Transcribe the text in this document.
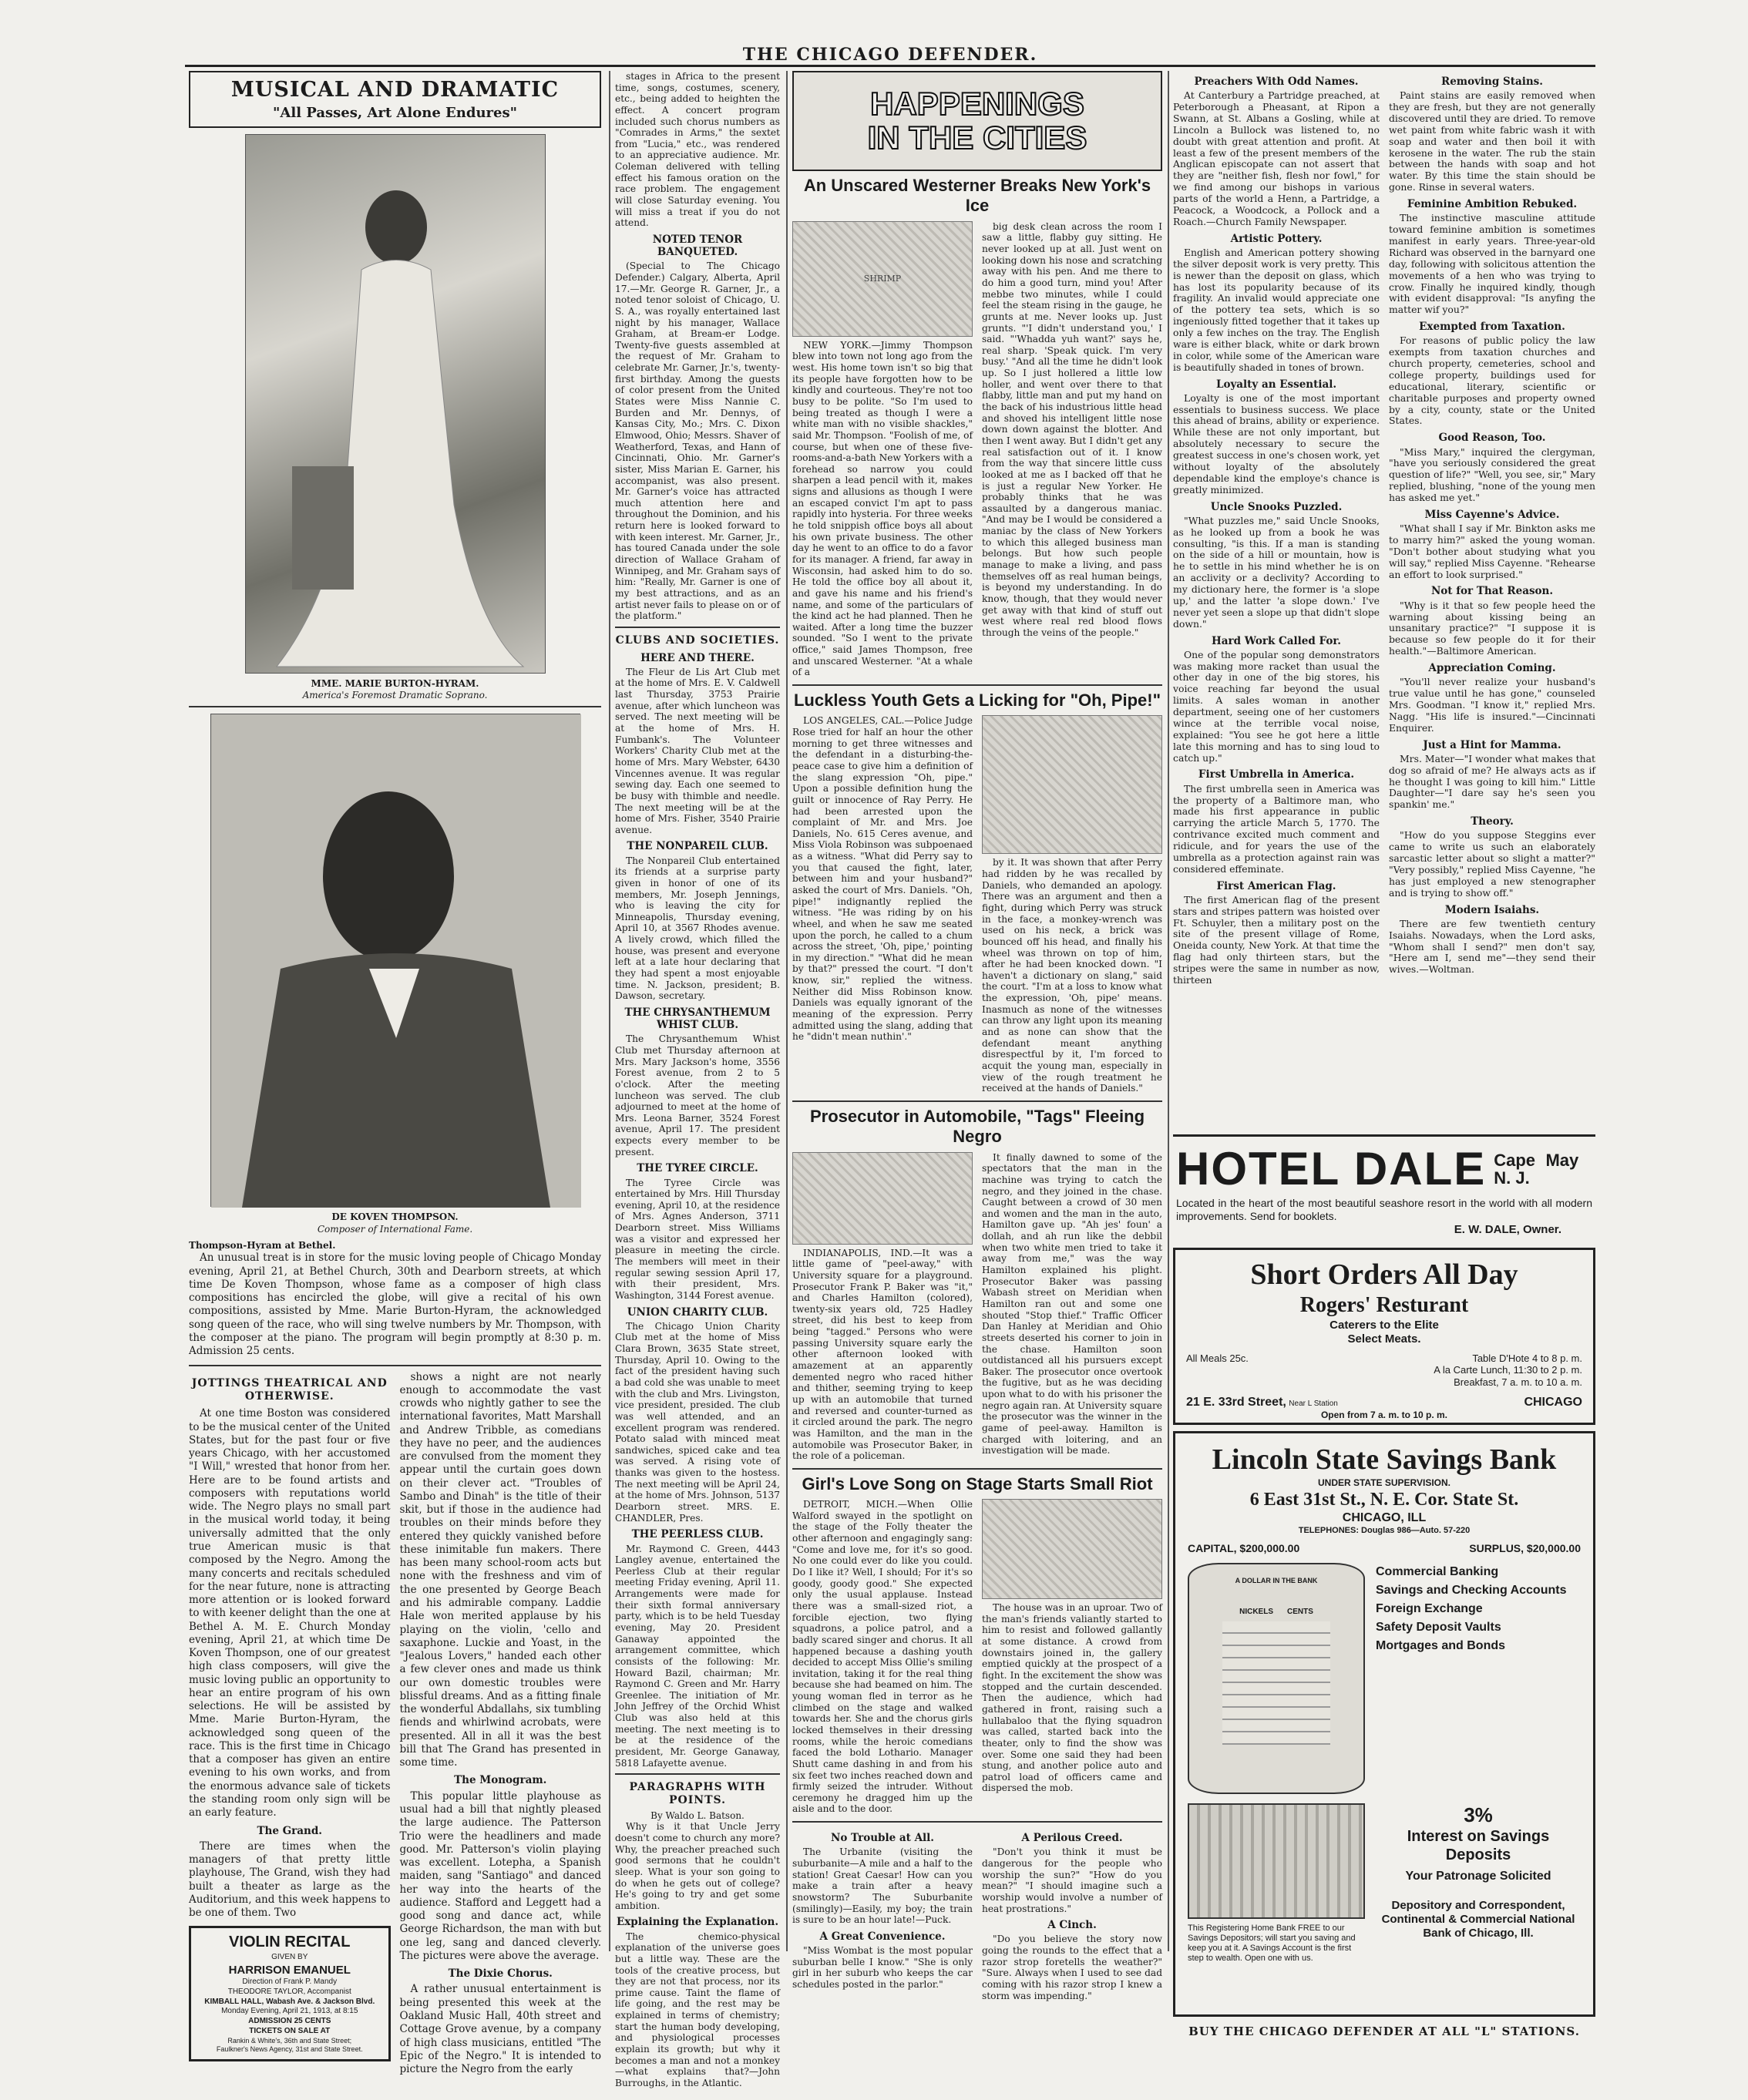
THE CHICAGO DEFENDER.
MUSICAL AND DRAMATIC
"All Passes, Art Alone Endures"
MME. MARIE BURTON-HYRAM.
America's Foremost Dramatic Soprano.
DE KOVEN THOMPSON.
Composer of International Fame.
Thompson-Hyram at Bethel.

An unusual treat is in store for the music loving people of Chicago Monday evening, April 21, at Bethel Church, 30th and Dearborn streets, at which time De Koven Thompson, whose fame as a composer of high class compositions has encircled the globe, will give a recital of his own compositions, assisted by Mme. Marie Burton-Hyram, the acknowledged song queen of the race, who will sing twelve numbers by Mr. Thompson, with the composer at the piano. The program will begin promptly at 8:30 p. m. Admission 25 cents.

JOTTINGS THEATRICAL AND OTHERWISE.

At one time Boston was considered to be the musical center of the United States, but for the past four or five years Chicago, with her accustomed "I Will," wrested that honor from her. Here are to be found artists and composers with reputations world wide. The Negro plays no small part in the musical world today, it being universally admitted that the only true American music is that composed by the Negro. Among the many concerts and recitals scheduled for the near future, none is attracting more attention or is looked forward to with keener delight than the one at Bethel A. M. E. Church Monday evening, April 21, at which time De Koven Thompson, one of our greatest high class composers, will give the music loving public an opportunity to hear an entire program of his own selections. He will be assisted by Mme. Marie Burton-Hyram, the acknowledged song queen of the race. This is the first time in Chicago that a composer has given an entire evening to his own works, and from the enormous advance sale of tickets the standing room only sign will be an early feature.

The Grand.

There are times when the managers of that pretty little playhouse, The Grand, wish they had built a theater as large as the Auditorium, and this week happens to be one of them. Two

VIOLIN RECITAL
GIVEN BY
HARRISON EMANUEL
Direction of Frank P. Mandy
THEODORE TAYLOR, Accompanist
KIMBALL HALL, Wabash Ave. & Jackson Blvd.
Monday Evening, April 21, 1913, at 8:15
ADMISSION 25 CENTS
TICKETS ON SALE AT
Rankin & White's, 36th and State Street;
Faulkner's News Agency, 31st and State Street.

shows a night are not nearly enough to accommodate the vast crowds who nightly gather to see the international favorites, Matt Marshall and Andrew Tribble, as comedians they have no peer, and the audiences are convulsed from the moment they appear until the curtain goes down on their clever act. "Troubles of Sambo and Dinah" is the title of their skit, but if those in the audience had troubles on their minds before they entered they quickly vanished before these inimitable fun makers. There has been many school-room acts but none with the freshness and vim of the one presented by George Beach and his admirable company. Laddie Hale won merited applause by his playing on the violin, 'cello and saxaphone. Luckie and Yoast, in the "Jealous Lovers," handed each other a few clever ones and made us think our own domestic troubles were blissful dreams. And as a fitting finale the wonderful Abdallahs, six tumbling fiends and whirlwind acrobats, were presented. All in all it was the best bill that The Grand has presented in some time.

The Monogram.

This popular little playhouse as usual had a bill that nightly pleased the large audience. The Patterson Trio were the headliners and made good. Mr. Patterson's violin playing was excellent. Lotepha, a Spanish maiden, sang "Santiago" and danced her way into the hearts of the audience. Stafford and Leggett had a good song and dance act, while George Richardson, the man with but one leg, sang and danced cleverly. The pictures were above the average.

The Dixie Chorus.

A rather unusual entertainment is being presented this week at the Oakland Music Hall, 40th street and Cottage Grove avenue, by a company of high class musicians, entitled "The Epic of the Negro." It is intended to picture the Negro from the early

stages in Africa to the present time, songs, costumes, scenery, etc., being added to heighten the effect. A concert program included such chorus numbers as "Comrades in Arms," the sextet from "Lucia," etc., was rendered to an appreciative audience. Mr. Coleman delivered with telling effect his famous oration on the race problem. The engagement will close Saturday evening. You will miss a treat if you do not attend.

NOTED TENOR BANQUETED.

(Special to The Chicago Defender.) Calgary, Alberta, April 17.—Mr. George R. Garner, Jr., a noted tenor soloist of Chicago, U. S. A., was royally entertained last night by his manager, Wallace Graham, at Bream-er Lodge. Twenty-five guests assembled at the request of Mr. Graham to celebrate Mr. Garner, Jr.'s, twenty-first birthday. Among the guests of color present from the United States were Miss Nannie C. Burden and Mr. Dennys, of Kansas City, Mo.; Mrs. C. Dixon Elmwood, Ohio; Messrs. Shaver of Weatherford, Texas, and Hann of Cincinnati, Ohio. Mr. Garner's sister, Miss Marian E. Garner, his accompanist, was also present. Mr. Garner's voice has attracted much attention here and throughout the Dominion, and his return here is looked forward to with keen interest. Mr. Garner, Jr., has toured Canada under the sole direction of Wallace Graham of Winnipeg, and Mr. Graham says of him: "Really, Mr. Garner is one of my best attractions, and as an artist never fails to please on or of the platform."

CLUBS AND SOCIETIES.
HERE AND THERE.

The Fleur de Lis Art Club met at the home of Mrs. E. V. Caldwell last Thursday, 3753 Prairie avenue, after which luncheon was served. The next meeting will be at the home of Mrs. H. Fumbank's. The Volunteer Workers' Charity Club met at the home of Mrs. Mary Webster, 6430 Vincennes avenue. It was regular sewing day. Each one seemed to be busy with thimble and needle. The next meeting will be at the home of Mrs. Fisher, 3540 Prairie avenue.

THE NONPAREIL CLUB.

The Nonpareil Club entertained its friends at a surprise party given in honor of one of its members, Mr. Joseph Jennings, who is leaving the city for Minneapolis, Thursday evening, April 10, at 3567 Rhodes avenue. A lively crowd, which filled the house, was present and everyone left at a late hour declaring that they had spent a most enjoyable time. N. Jackson, president; B. Dawson, secretary.

THE CHRYSANTHEMUM WHIST CLUB.

The Chrysanthemum Whist Club met Thursday afternoon at Mrs. Mary Jackson's home, 3556 Forest avenue, from 2 to 5 o'clock. After the meeting luncheon was served. The club adjourned to meet at the home of Mrs. Leona Barner, 3524 Forest avenue, April 17. The president expects every member to be present.

THE TYREE CIRCLE.

The Tyree Circle was entertained by Mrs. Hill Thursday evening, April 10, at the residence of Mrs. Agnes Anderson, 3711 Dearborn street. Miss Williams was a visitor and expressed her pleasure in meeting the circle. The members will meet in their regular sewing session April 17, with their president, Mrs. Washington, 3144 Forest avenue.

UNION CHARITY CLUB.

The Chicago Union Charity Club met at the home of Miss Clara Brown, 3635 State street, Thursday, April 10. Owing to the fact of the president having such a bad cold she was unable to meet with the club and Mrs. Livingston, vice president, presided. The club was well attended, and an excellent program was rendered. Potato salad with minced meat sandwiches, spiced cake and tea was served. A rising vote of thanks was given to the hostess. The next meeting will be April 24, at the home of Mrs. Johnson, 5137 Dearborn street. MRS. E. CHANDLER, Pres.

THE PEERLESS CLUB.

Mr. Raymond C. Green, 4443 Langley avenue, entertained the Peerless Club at their regular meeting Friday evening, April 11. Arrangements were made for their sixth formal anniversary party, which is to be held Tuesday evening, May 20. President Ganaway appointed the arrangement committee, which consists of the following: Mr. Howard Bazil, chairman; Mr. Raymond C. Green and Mr. Harry Greenlee. The initiation of Mr. John Jeffrey of the Orchid Whist Club was also held at this meeting. The next meeting is to be at the residence of the president, Mr. George Ganaway, 5818 Lafayette avenue.

PARAGRAPHS WITH POINTS.
By Waldo L. Batson.

Why is it that Uncle Jerry doesn't come to church any more? Why, the preacher preached such good sermons that he couldn't sleep. What is your son going to do when he gets out of college? He's going to try and get some ambition.

Explaining the Explanation.

The chemico-physical explanation of the universe goes but a little way. These are the tools of the creative process, but they are not that process, nor its prime cause. Taint the flame of life going, and the rest may be explained in terms of chemistry; start the human body developing, and physiological processes explain its growth; but why it becomes a man and not a monkey—what explains that?—John Burroughs, in the Atlantic.

HAPPENINGS IN THE CITIES
An Unscared Westerner Breaks New York's Ice
SHRIMP

NEW YORK.—Jimmy Thompson blew into town not long ago from the west. His home town isn't so big that its people have forgotten how to be kindly and courteous. They're not too busy to be polite. "So I'm used to being treated as though I were a white man with no visible shackles," said Mr. Thompson. "Foolish of me, of course, but when one of these five-rooms-and-a-bath New Yorkers with a forehead so narrow you could sharpen a lead pencil with it, makes signs and allusions as though I were an escaped convict I'm apt to pass rapidly into hysteria. For three weeks he told snippish office boys all about his own private business. The other day he went to an office to do a favor for its manager. A friend, far away in Wisconsin, had asked him to do so. He told the office boy all about it, and gave his name and his friend's name, and some of the particulars of the kind act he had planned. Then he waited. After a long time the buzzer sounded. "So I went to the private office," said James Thompson, free and unscared Westerner. "At a whale of a

big desk clean across the room I saw a little, flabby guy sitting. He never looked up at all. Just went on looking down his nose and scratching away with his pen. And me there to do him a good turn, mind you! After mebbe two minutes, while I could feel the steam rising in the gauge, he grunts at me. Never looks up. Just grunts. "'I didn't understand you,' I said. "'Whadda yuh want?' says he, real sharp. 'Speak quick. I'm very busy.' "And all the time he didn't look up. So I just hollered a little low holler, and went over there to that flabby, little man and put my hand on the back of his industrious little head and shoved his intelligent little nose down down against the blotter. And then I went away. But I didn't get any real satisfaction out of it. I know from the way that sincere little cuss looked at me as I backed off that he is just a regular New Yorker. He probably thinks that he was assaulted by a dangerous maniac. "And may be I would be considered a maniac by the class of New Yorkers to which this alleged business man belongs. But how such people manage to make a living, and pass themselves off as real human beings, is beyond my understanding. In do know, though, that they would never get away with that kind of stuff out west where real red blood flows through the veins of the people."

Luckless Youth Gets a Licking for "Oh, Pipe!"

LOS ANGELES, CAL.—Police Judge Rose tried for half an hour the other morning to get three witnesses and the defendant in a disturbing-the-peace case to give him a definition of the slang expression "Oh, pipe." Upon a possible definition hung the guilt or innocence of Ray Perry. He had been arrested upon the complaint of Mr. and Mrs. Joe Daniels, No. 615 Ceres avenue, and Miss Viola Robinson was subpoenaed as a witness. "What did Perry say to you that caused the fight, later, between him and your husband?" asked the court of Mrs. Daniels. "Oh, pipe!" indignantly replied the witness. "He was riding by on his wheel, and when he saw me seated upon the porch, he called to a chum across the street, 'Oh, pipe,' pointing in my direction." "What did he mean by that?" pressed the court. "I don't know, sir," replied the witness. Neither did Miss Robinson know. Daniels was equally ignorant of the meaning of the expression. Perry admitted using the slang, adding that he "didn't mean nuthin'."

by it. It was shown that after Perry had ridden by he was recalled by Daniels, who demanded an apology. There was an argument and then a fight, during which Perry was struck in the face, a monkey-wrench was used on his neck, a brick was bounced off his head, and finally his wheel was thrown on top of him, after he had been knocked down. "I haven't a dictionary on slang," said the court. "I'm at a loss to know what the expression, 'Oh, pipe' means. Inasmuch as none of the witnesses can throw any light upon its meaning and as none can show that the defendant meant anything disrespectful by it, I'm forced to acquit the young man, especially in view of the rough treatment he received at the hands of Daniels."

Prosecutor in Automobile, "Tags" Fleeing Negro

INDIANAPOLIS, IND.—It was a little game of "peel-away," with University square for a playground. Prosecutor Frank P. Baker was "it," and Charles Hamilton (colored), twenty-six years old, 725 Hadley street, did his best to keep from being "tagged." Persons who were passing University square early the other afternoon looked with amazement at an apparently demented negro who raced hither and thither, seeming trying to keep up with an automobile that turned and reversed and counter-turned as it circled around the park. The negro was Hamilton, and the man in the automobile was Prosecutor Baker, in the role of a policeman.

It finally dawned to some of the spectators that the man in the machine was trying to catch the negro, and they joined in the chase. Caught between a crowd of 30 men and women and the man in the auto, Hamilton gave up. "Ah jes' foun' a dollah, and ah run like the debbil when two white men tried to take it away from me," was the way Hamilton explained his plight. Prosecutor Baker was passing Wabash street on Meridian when Hamilton ran out and some one shouted "Stop thief." Traffic Officer Dan Hanley at Meridian and Ohio streets deserted his corner to join in the chase. Hamilton soon outdistanced all his pursuers except Baker. The prosecutor once overtook the fugitive, but as he was deciding upon what to do with his prisoner the negro again ran. At University square the prosecutor was the winner in the game of peel-away. Hamilton is charged with loitering, and an investigation will be made.

Girl's Love Song on Stage Starts Small Riot

DETROIT, MICH.—When Ollie Walford swayed in the spotlight on the stage of the Folly theater the other afternoon and engagingly sang: "Come and love me, for it's so good. No one could ever do like you could. Do I like it? Well, I should; For it's so goody, goody good." She expected only the usual applause. Instead there was a small-sized riot, a forcible ejection, two flying squadrons, a police patrol, and a badly scared singer and chorus. It all happened because a dashing youth decided to accept Miss Ollie's smiling invitation, taking it for the real thing because she had beamed on him. The young woman fled in terror as he climbed on the stage and walked towards her. She and the chorus girls locked themselves in their dressing rooms, while the heroic comedians faced the bold Lothario. Manager Shutt came dashing in and from his six feet two inches reached down and firmly seized the intruder. Without ceremony he dragged him up the aisle and to the door.

The house was in an uproar. Two of the man's friends valiantly started to him to resist and followed gallantly at some distance. A crowd from downstairs joined in, the gallery emptied quickly at the prospect of a fight. In the excitement the show was stopped and the curtain descended. Then the audience, which had gathered in front, raising such a hullabaloo that the flying squadron was called, started back into the theater, only to find the show was over. Some one said they had been stung, and another police auto and patrol load of officers came and dispersed the mob.

No Trouble at All.

The Urbanite (visiting the suburbanite—A mile and a half to the station! Great Caesar! How can you make a train after a heavy snowstorm? The Suburbanite (smilingly)—Easily, my boy; the train is sure to be an hour late!—Puck.

A Great Convenience.

"Miss Wombat is the most popular suburban belle I know." "She is only girl in her suburb who keeps the car schedules posted in the parlor."

A Perilous Creed.

"Don't you think it must be dangerous for the people who worship the sun?" "How do you mean?" "I should imagine such a worship would involve a number of heat prostrations."

A Cinch.

"Do you believe the story now going the rounds to the effect that a razor strop foretells the weather?" "Sure. Always when I used to see dad coming with his razor strop I knew a storm was impending."

Preachers With Odd Names.

At Canterbury a Partridge preached, at Peterborough a Pheasant, at Ripon a Swann, at St. Albans a Gosling, while at Lincoln a Bullock was listened to, no doubt with great attention and profit. At least a few of the present members of the Anglican episcopate can not assert that they are "neither fish, flesh nor fowl," for we find among our bishops in various parts of the world a Henn, a Partridge, a Peacock, a Woodcock, a Pollock and a Roach.—Church Family Newspaper.

Artistic Pottery.

English and American pottery showing the silver deposit work is very pretty. This is newer than the deposit on glass, which has lost its popularity because of its fragility. An invalid would appreciate one of the pottery tea sets, which is so ingeniously fitted together that it takes up only a few inches on the tray. The English ware is either black, white or dark brown in color, while some of the American ware is beautifully shaded in tones of brown.

Loyalty an Essential.

Loyalty is one of the most important essentials to business success. We place this ahead of brains, ability or experience. While these are not only important, but absolutely necessary to secure the greatest success in one's chosen work, yet without loyalty of the absolutely dependable kind the employe's chance is greatly minimized.

Uncle Snooks Puzzled.

"What puzzles me," said Uncle Snooks, as he looked up from a book he was consulting, "is this. If a man is standing on the side of a hill or mountain, how is he to settle in his mind whether he is on an acclivity or a declivity? According to my dictionary here, the former is 'a slope up,' and the latter 'a slope down.' I've never yet seen a slope up that didn't slope down."

Hard Work Called For.

One of the popular song demonstrators was making more racket than usual the other day in one of the big stores, his voice reaching far beyond the usual limits. A sales woman in another department, seeing one of her customers wince at the terrible vocal noise, explained: "You see he got here a little late this morning and has to sing loud to catch up."

First Umbrella in America.

The first umbrella seen in America was the property of a Baltimore man, who made his first appearance in public carrying the article March 5, 1770. The contrivance excited much comment and ridicule, and for years the use of the umbrella as a protection against rain was considered effeminate.

First American Flag.

The first American flag of the present stars and stripes pattern was hoisted over Ft. Schuyler, then a military post on the site of the present village of Rome, Oneida county, New York. At that time the flag had only thirteen stars, but the stripes were the same in number as now, thirteen

Removing Stains.

Paint stains are easily removed when they are fresh, but they are not generally discovered until they are dried. To remove wet paint from white fabric wash it with soap and water and then boil it with kerosene in the water. The rub the stain between the hands with soap and hot water. By this time the stain should be gone. Rinse in several waters.

Feminine Ambition Rebuked.

The instinctive masculine attitude toward feminine ambition is sometimes manifest in early years. Three-year-old Richard was observed in the barnyard one day, following with solicitous attention the movements of a hen who was trying to crow. Finally he inquired kindly, though with evident disapproval: "Is anyfing the matter wif you?"

Exempted from Taxation.

For reasons of public policy the law exempts from taxation churches and church property, cemeteries, school and college property, buildings used for educational, literary, scientific or charitable purposes and property owned by a city, county, state or the United States.

Good Reason, Too.

"Miss Mary," inquired the clergyman, "have you seriously considered the great question of life?" "Well, you see, sir," Mary replied, blushing, "none of the young men has asked me yet."

Miss Cayenne's Advice.

"What shall I say if Mr. Binkton asks me to marry him?" asked the young woman. "Don't bother about studying what you will say," replied Miss Cayenne. "Rehearse an effort to look surprised."

Not for That Reason.

"Why is it that so few people heed the warning about kissing being an unsanitary practice?" "I suppose it is because so few people do it for their health."—Baltimore American.

Appreciation Coming.

"You'll never realize your husband's true value until he has gone," counseled Mrs. Goodman. "I know it," replied Mrs. Nagg. "His life is insured."—Cincinnati Enquirer.

Just a Hint for Mamma.

Mrs. Mater—"I wonder what makes that dog so afraid of me? He always acts as if he thought I was going to kill him." Little Daughter—"I dare say he's seen you spankin' me."

Theory.

"How do you suppose Steggins ever came to write us such an elaborately sarcastic letter about so slight a matter?" "Very possibly," replied Miss Cayenne, "he has just employed a new stenographer and is trying to show off."

Modern Isaiahs.

There are few twentieth century Isaiahs. Nowadays, when the Lord asks, "Whom shall I send?" men don't say, "Here am I, send me"—they send their wives.—Woltman.

HOTEL DALE Cape May N. J.
Located in the heart of the most beautiful seashore resort in the world with all modern improvements. Send for booklets.
E. W. DALE, Owner.
Short Orders All Day
Rogers' Resturant
Caterers to the Elite
Select Meats.
All Meals 25c.	Table D'Hote 4 to 8 p. m.
A la Carte Lunch, 11:30 to 2 p. m.
Breakfast, 7 a. m. to 10 a. m.
21 E. 33rd Street, Near L Station	CHICAGO
Open from 7 a. m. to 10 p. m.
Lincoln State Savings Bank
UNDER STATE SUPERVISION.
6 East 31st St., N. E. Cor. State St.
CHICAGO, ILL
TELEPHONES: Douglas 986—Auto. 57-220
CAPITAL, $200,000.00	SURPLUS, $20,000.00
A DOLLAR IN THE BANK
NICKELS CENTS
Commercial Banking
Savings and Checking Accounts
Foreign Exchange
Safety Deposit Vaults
Mortgages and Bonds
This Registering Home Bank FREE to our Savings Depositors; will start you saving and keep you at it. A Savings Account is the first step to wealth. Open one with us.
3%
Interest on Savings Deposits
Your Patronage Solicited
Depository and Correspondent, Continental & Commercial National Bank of Chicago, Ill.
BUY THE CHICAGO DEFENDER AT ALL "L" STATIONS.
